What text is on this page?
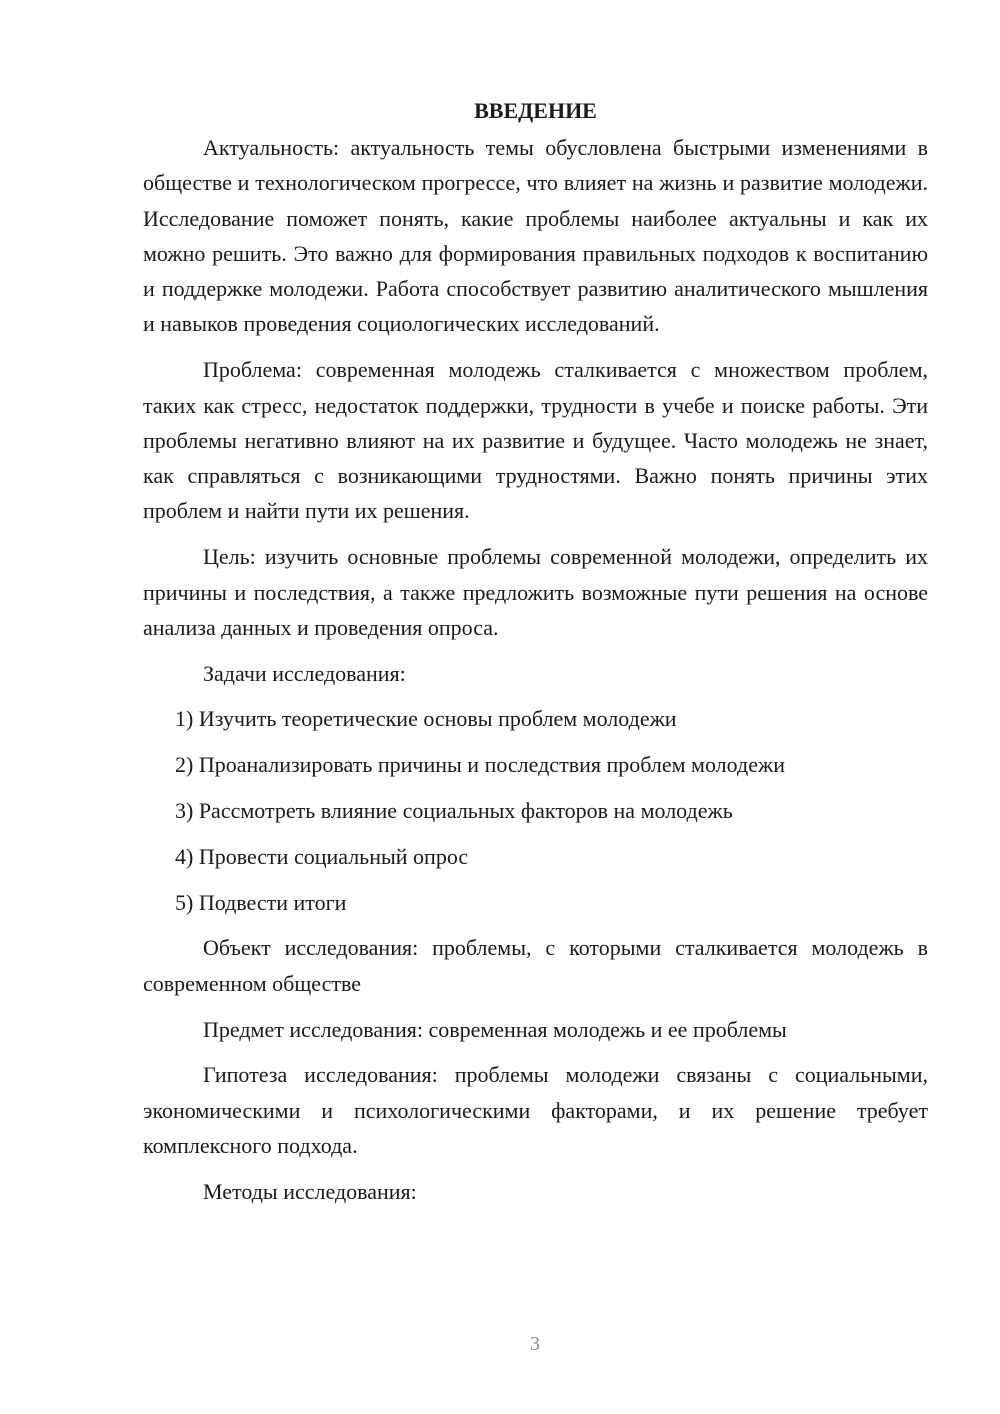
ВВЕДЕНИЕ

Актуальность: актуальность темы обусловлена быстрыми изменениями в обществе и технологическом прогрессе, что влияет на жизнь и развитие молодежи. Исследование поможет понять, какие проблемы наиболее актуальны и как их можно решить. Это важно для формирования правильных подходов к воспитанию и поддержке молодежи. Работа способствует развитию аналитического мышления и навыков проведения социологических исследований.

Проблема: современная молодежь сталкивается с множеством проблем, таких как стресс, недостаток поддержки, трудности в учебе и поиске работы. Эти проблемы негативно влияют на их развитие и будущее. Часто молодежь не знает, как справляться с возникающими трудностями. Важно понять причины этих проблем и найти пути их решения.

Цель: изучить основные проблемы современной молодежи, определить их причины и последствия, а также предложить возможные пути решения на основе анализа данных и проведения опроса.

Задачи исследования:

1) Изучить теоретические основы проблем молодежи
2) Проанализировать причины и последствия проблем молодежи
3) Рассмотреть влияние социальных факторов на молодежь
4) Провести социальный опрос
5) Подвести итоги

Объект исследования: проблемы, с которыми сталкивается молодежь в современном обществе

Предмет исследования: современная молодежь и ее проблемы

Гипотеза исследования: проблемы молодежи связаны с социальными, экономическими и психологическими факторами, и их решение требует комплексного подхода.

Методы исследования:

3
